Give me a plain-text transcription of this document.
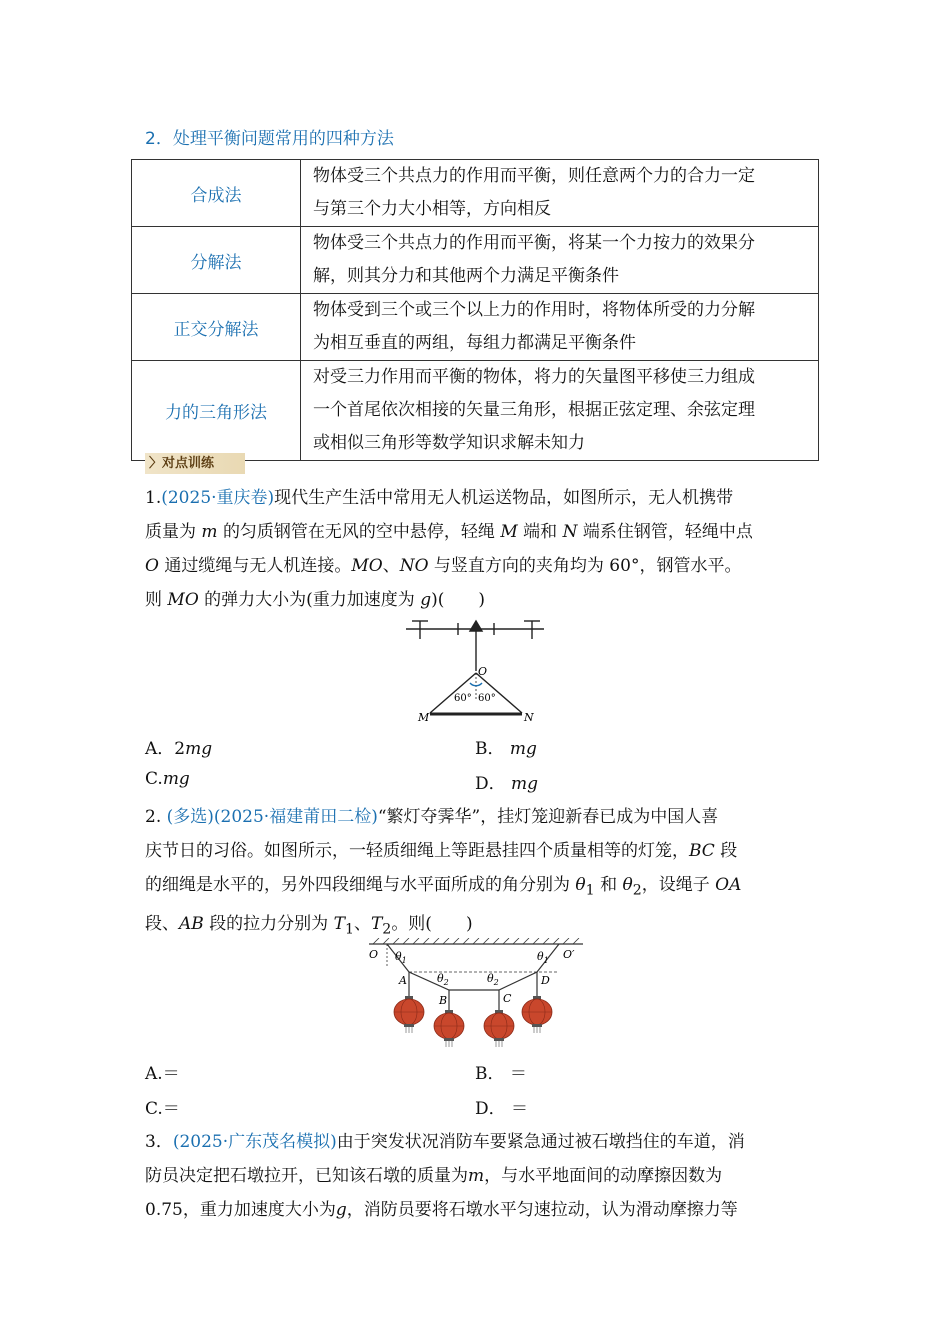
2．处理平衡问题常用的四种方法
合成法	物体受三个共点力的作用而平衡，则任意两个力的合力一定
与第三个力大小相等，方向相反

分解法	物体受三个共点力的作用而平衡，将某一个力按力的效果分
解，则其分力和其他两个力满足平衡条件

正交分解法	物体受到三个或三个以上力的作用时，将物体所受的力分解
为相互垂直的两组，每组力都满足平衡条件

力的三角形法	对受三力作用而平衡的物体，将力的矢量图平移使三力组成
一个首尾依次相接的矢量三角形，根据正弦定理、余弦定理
或相似三角形等数学知识求解未知力
〉对点训练
1.(2025·重庆卷)现代生产生活中常用无人机运送物品，如图所示，无人机携带
质量为 m 的匀质钢管在无风的空中悬停，轻绳 M 端和 N 端系住钢管，轻绳中点
O 通过缆绳与无人机连接。MO、NO 与竖直方向的夹角均为 60°，钢管水平。
则 MO 的弹力大小为(重力加速度为 g)(　　)
O
60° 60°
M	N
A．2mg	B． mg
C.mg	D． mg
2. (多选)(2025·福建莆田二检)“繁灯夺霁华”，挂灯笼迎新春已成为中国人喜
庆节日的习俗。如图所示，一轻质细绳上等距悬挂四个质量相等的灯笼，BC 段
的细绳是水平的，另外四段细绳与水平面所成的角分别为 $\theta_1$ 和 $\theta_2$，设绳子 OA
段、AB 段的拉力分别为 $T_1$、$T_2$。则(　　)
O	O′
A
B	C
D
$\theta_1$	$\theta_1$
$\theta_2$	$\theta_2$
A.＝	B． ＝
C.＝	D． ＝
3．(2025·广东茂名模拟)由于突发状况消防车要紧急通过被石墩挡住的车道，消
防员决定把石墩拉开，已知该石墩的质量为m，与水平地面间的动摩擦因数为
0.75，重力加速度大小为g，消防员要将石墩水平匀速拉动，认为滑动摩擦力等
